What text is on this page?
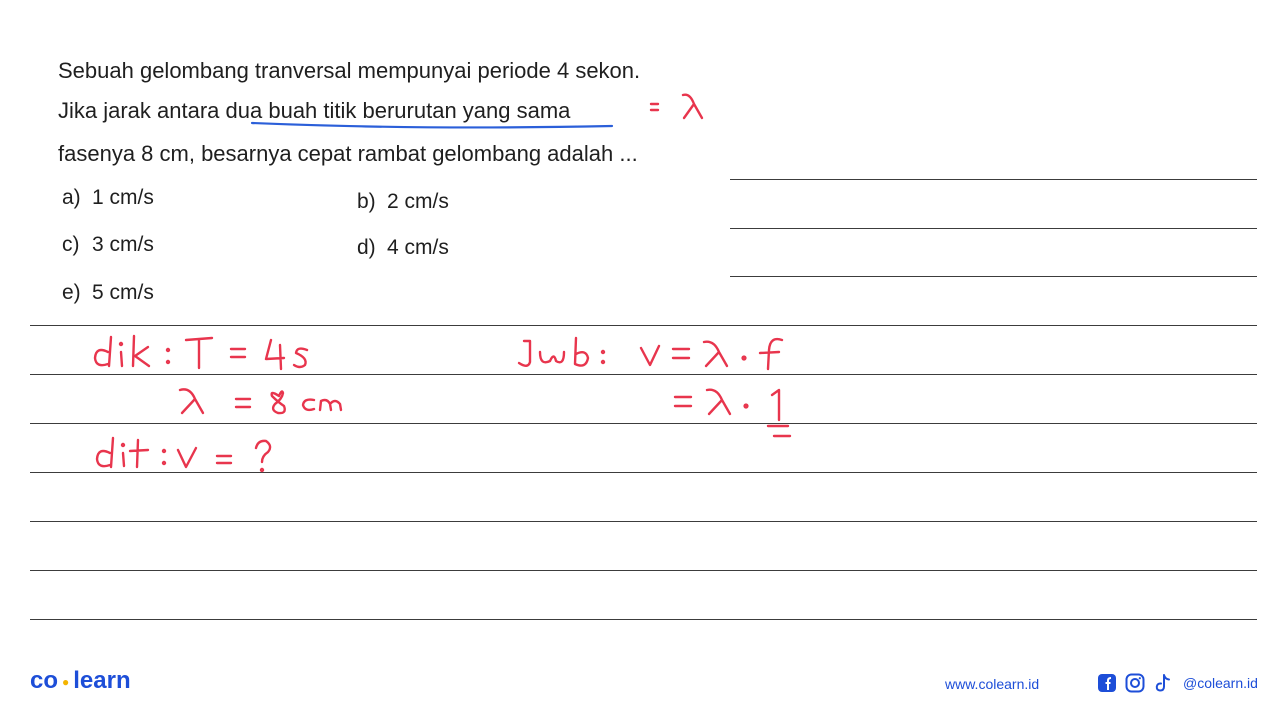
Sebuah gelombang tranversal mempunyai periode 4 sekon.
Jika jarak antara dua buah titik berurutan yang sama
fasenya 8 cm, besarnya cepat rambat gelombang adalah ...
a) 1 cm/s	b) 2 cm/s
c) 3 cm/s	d) 4 cm/s
e) 5 cm/s
co ● learn	www.colearn.id	@colearn.id
